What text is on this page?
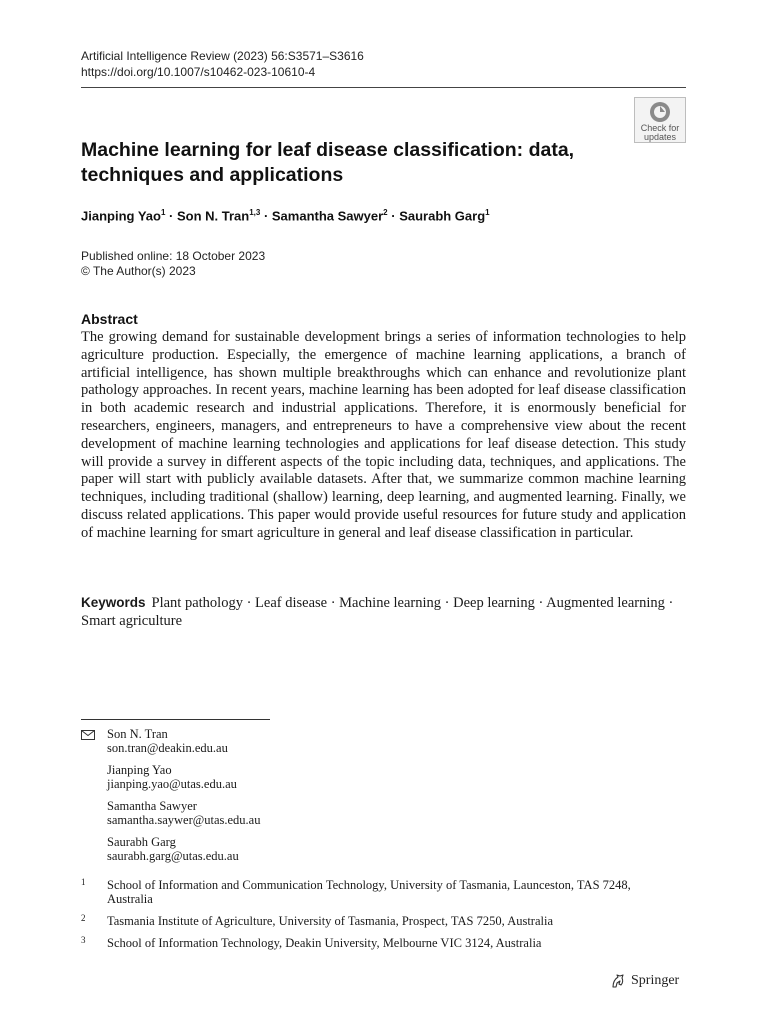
Artificial Intelligence Review (2023) 56:S3571–S3616
https://doi.org/10.1007/s10462-023-10610-4
Check for
updates
Machine learning for leaf disease classification: data, techniques and applications
Jianping Yao$^1$ · Son N. Tran$^{1,3}$ · Samantha Sawyer$^2$ · Saurabh Garg$^1$
Published online: 18 October 2023
© The Author(s) 2023
Abstract

The growing demand for sustainable development brings a series of information technologies to help agriculture production. Especially, the emergence of machine learning applications, a branch of artificial intelligence, has shown multiple breakthroughs which can enhance and revolutionize plant pathology approaches. In recent years, machine learning has been adopted for leaf disease classification in both academic research and industrial applications. Therefore, it is enormously beneficial for researchers, engineers, managers, and entrepreneurs to have a comprehensive view about the recent development of machine learning technologies and applications for leaf disease detection. This study will provide a survey in different aspects of the topic including data, techniques, and applications. The paper will start with publicly available datasets. After that, we summarize common machine learning techniques, including traditional (shallow) learning, deep learning, and augmented learning. Finally, we discuss related applications. This paper would provide useful resources for future study and application of machine learning for smart agriculture in general and leaf disease classification in particular.

Keywords Plant pathology · Leaf disease · Machine learning · Deep learning · Augmented learning · Smart agriculture
Son N. Tran
son.tran@deakin.edu.au
Jianping Yao
jianping.yao@utas.edu.au
Samantha Sawyer
samantha.saywer@utas.edu.au
Saurabh Garg
saurabh.garg@utas.edu.au
1 School of Information and Communication Technology, University of Tasmania, Launceston, TAS 7248, Australia
2 Tasmania Institute of Agriculture, University of Tasmania, Prospect, TAS 7250, Australia
3 School of Information Technology, Deakin University, Melbourne VIC 3124, Australia
Springer
